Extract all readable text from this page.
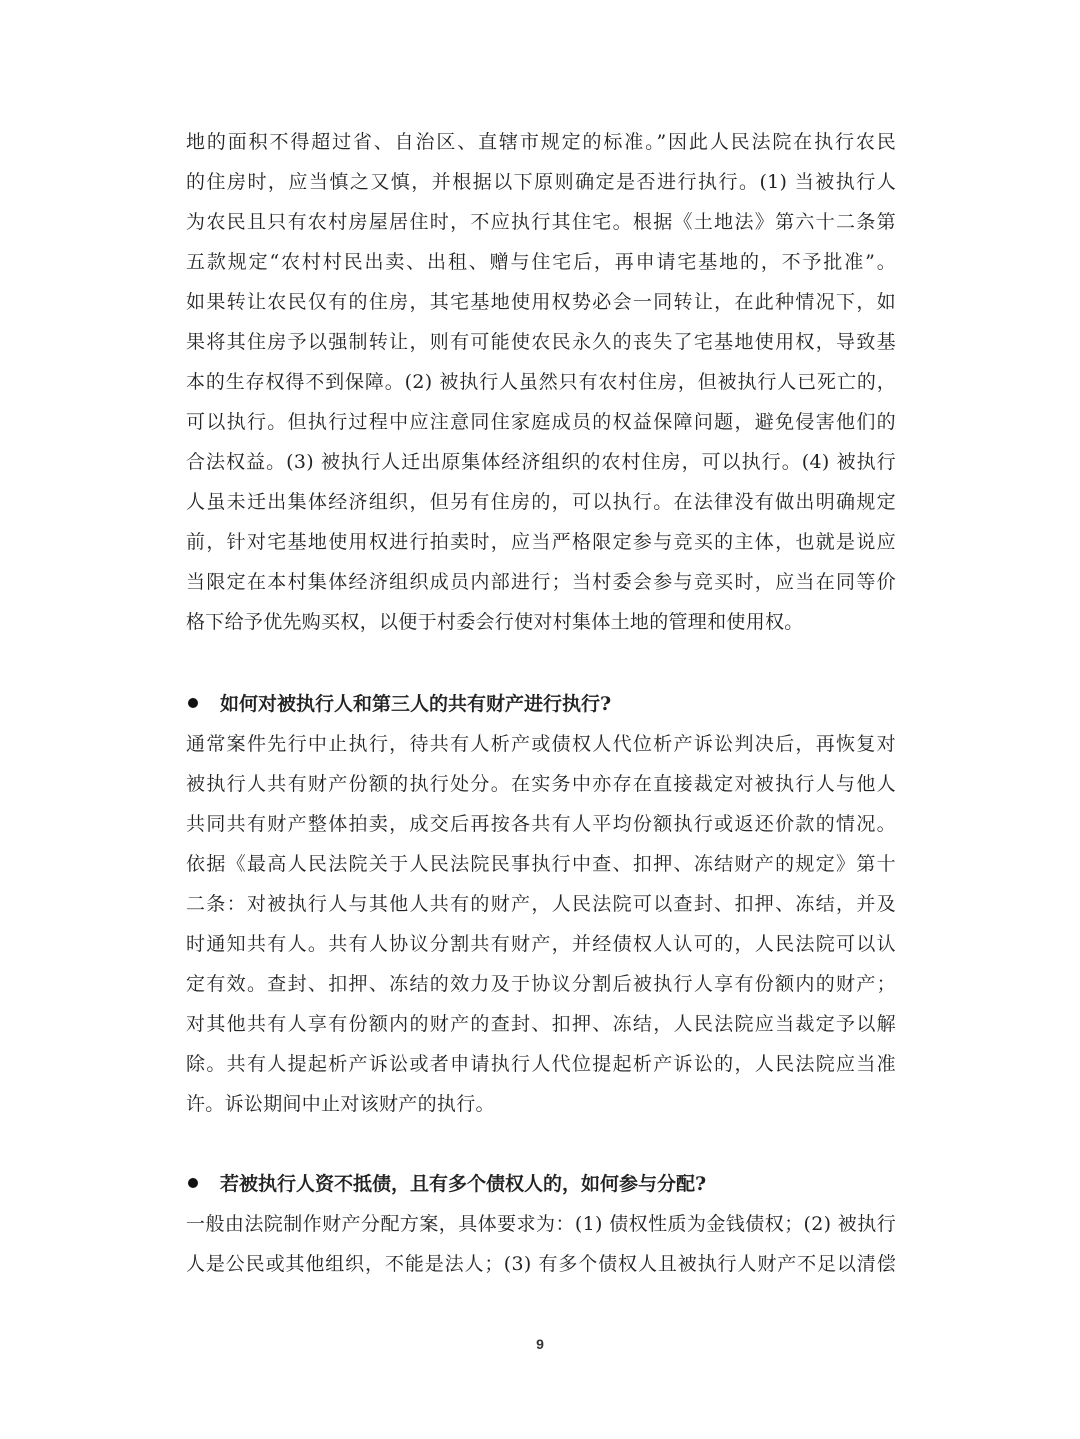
地的面积不得超过省、自治区、直辖市规定的标准。”因此人民法院在执行农民
的住房时，应当慎之又慎，并根据以下原则确定是否进行执行。(1) 当被执行人
为农民且只有农村房屋居住时，不应执行其住宅。根据《土地法》第六十二条第
五款规定“农村村民出卖、出租、赠与住宅后，再申请宅基地的，不予批准”。
如果转让农民仅有的住房，其宅基地使用权势必会一同转让，在此种情况下，如
果将其住房予以强制转让，则有可能使农民永久的丧失了宅基地使用权，导致基
本的生存权得不到保障。(2) 被执行人虽然只有农村住房，但被执行人已死亡的，
可以执行。但执行过程中应注意同住家庭成员的权益保障问题，避免侵害他们的
合法权益。(3) 被执行人迁出原集体经济组织的农村住房，可以执行。(4) 被执行
人虽未迁出集体经济组织，但另有住房的，可以执行。在法律没有做出明确规定
前，针对宅基地使用权进行拍卖时，应当严格限定参与竞买的主体，也就是说应
当限定在本村集体经济组织成员内部进行；当村委会参与竞买时，应当在同等价
格下给予优先购买权，以便于村委会行使对村集体土地的管理和使用权。
如何对被执行人和第三人的共有财产进行执行?
通常案件先行中止执行，待共有人析产或债权人代位析产诉讼判决后，再恢复对
被执行人共有财产份额的执行处分。在实务中亦存在直接裁定对被执行人与他人
共同共有财产整体拍卖，成交后再按各共有人平均份额执行或返还价款的情况。
依据《最高人民法院关于人民法院民事执行中查、扣押、冻结财产的规定》第十
二条：对被执行人与其他人共有的财产，人民法院可以查封、扣押、冻结，并及
时通知共有人。共有人协议分割共有财产，并经债权人认可的，人民法院可以认
定有效。查封、扣押、冻结的效力及于协议分割后被执行人享有份额内的财产；
对其他共有人享有份额内的财产的查封、扣押、冻结，人民法院应当裁定予以解
除。共有人提起析产诉讼或者申请执行人代位提起析产诉讼的，人民法院应当准
许。诉讼期间中止对该财产的执行。
若被执行人资不抵债，且有多个债权人的，如何参与分配?
一般由法院制作财产分配方案，具体要求为：(1) 债权性质为金钱债权；(2) 被执行
人是公民或其他组织，不能是法人；(3) 有多个债权人且被执行人财产不足以清偿
9
